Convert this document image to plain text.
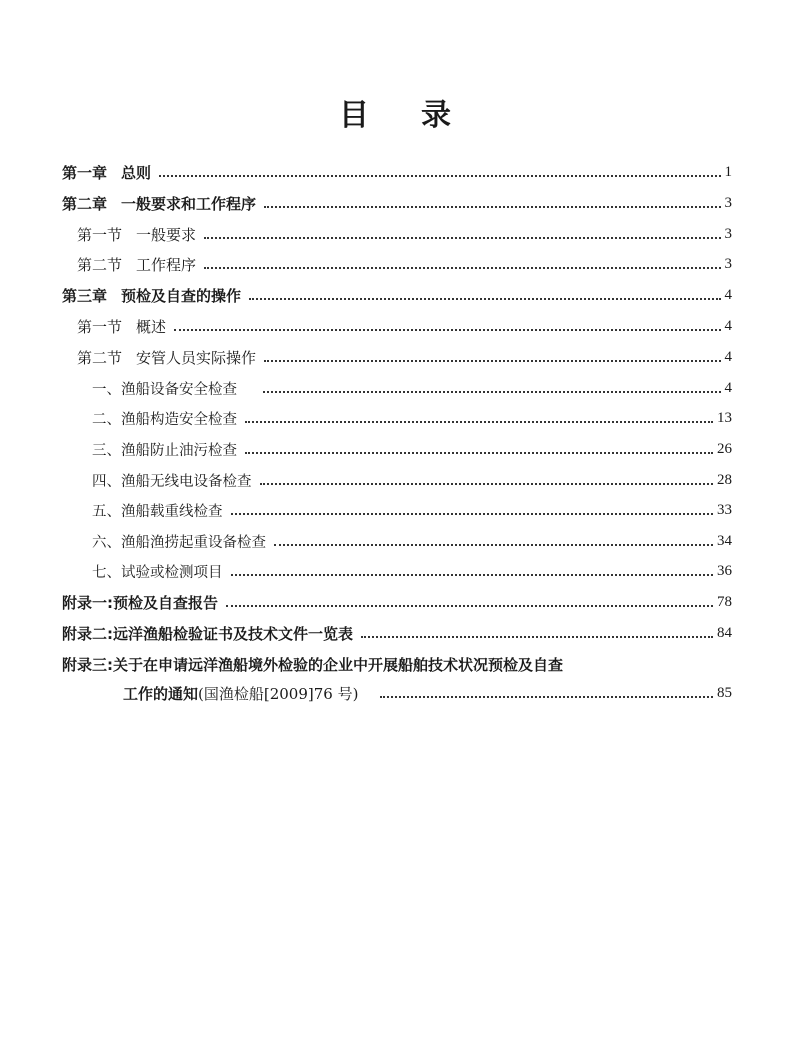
目 录
第一章 总则	1
第二章 一般要求和工作程序	3
第一节 一般要求	3
第二节 工作程序	3
第三章 预检及自查的操作	4
第一节 概述	4
第二节 安管人员实际操作	4
一、渔船设备安全检查	4
二、渔船构造安全检查	13
三、渔船防止油污检查	26
四、渔船无线电设备检查	28
五、渔船载重线检查	33
六、渔船渔捞起重设备检查	34
七、试验或检测项目	36
附录一:预检及自查报告	78
附录二:远洋渔船检验证书及技术文件一览表	84
附录三:关于在申请远洋渔船境外检验的企业中开展船舶技术状况预检及自查
工作的通知(国渔检船[2009]76 号)	85
